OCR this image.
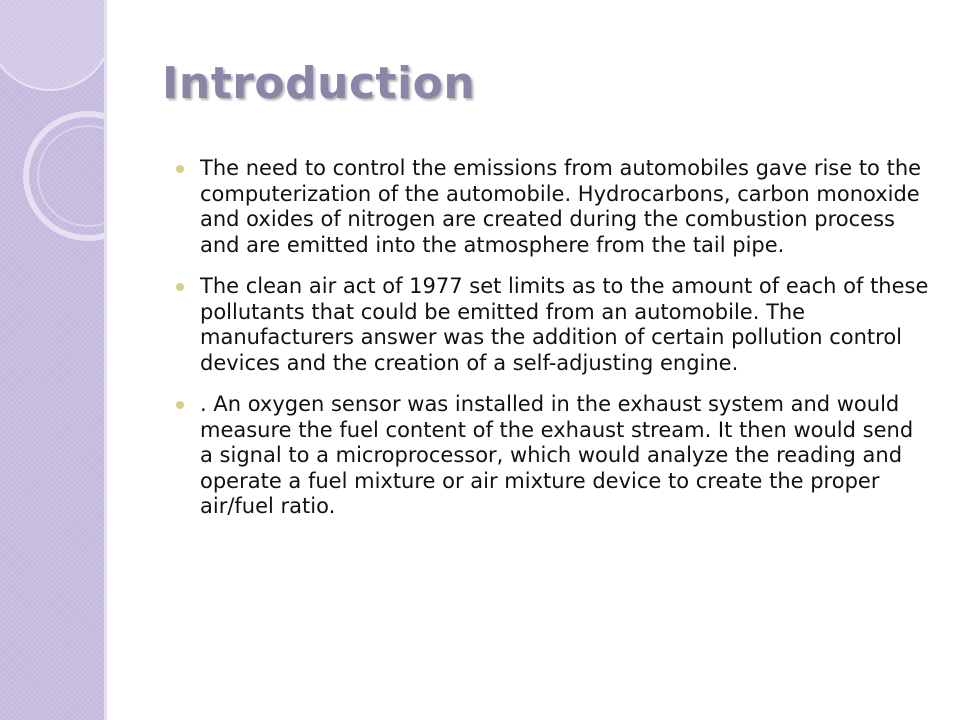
Introduction
The need to control the emissions from automobiles gave rise to the computerization of the automobile. Hydrocarbons, carbon monoxide and oxides of nitrogen are created during the combustion process and are emitted into the atmosphere from the tail pipe.
The clean air act of 1977 set limits as to the amount of each of these pollutants that could be emitted from an automobile. The manufacturers answer was the addition of certain pollution control devices and the creation of a self-adjusting engine.
. An oxygen sensor was installed in the exhaust system and would measure the fuel content of the exhaust stream. It then would send a signal to a microprocessor, which would analyze the reading and operate a fuel mixture or air mixture device to create the proper air/fuel ratio.
